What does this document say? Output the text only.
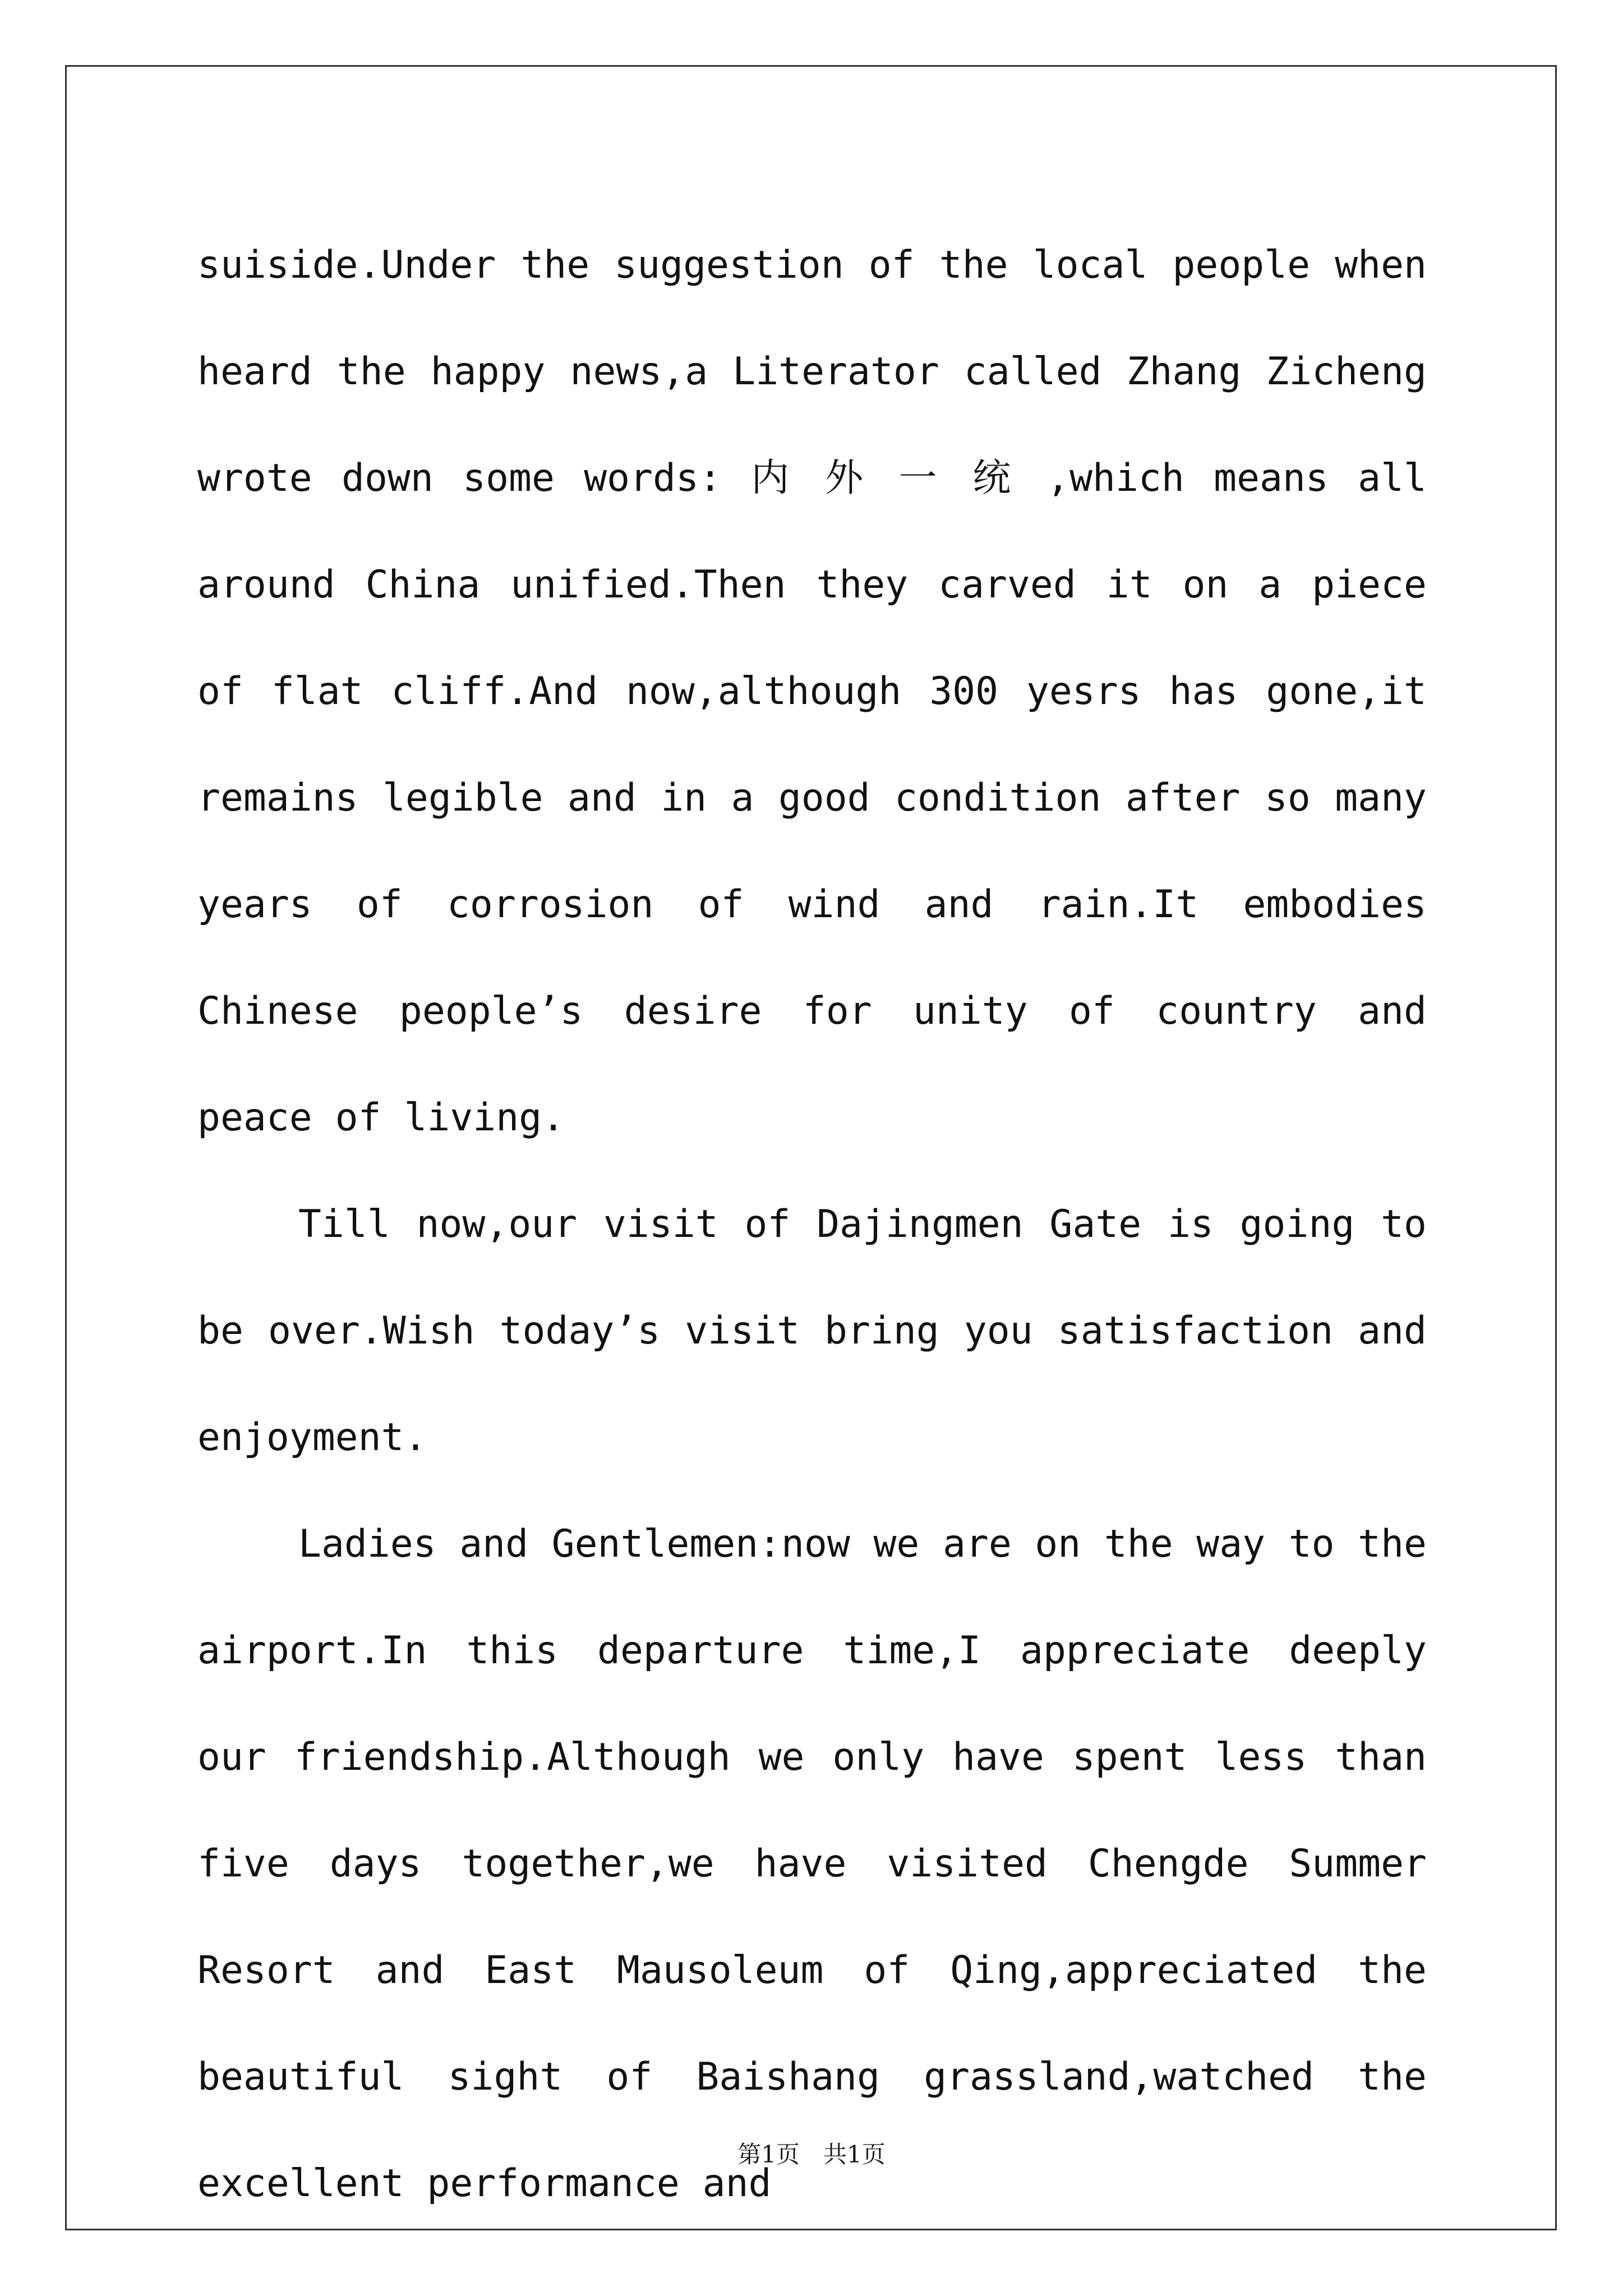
suiside.Under the suggestion of the local people when heard the happy news,a Literator called Zhang Zicheng wrote down some words: 内 外 一 统 ,which means all around China unified.Then they carved it on a piece of flat cliff.And now,although 300 yesrs has gone,it remains legible and in a good condition after so many years of corrosion of wind and rain.It embodies Chinese people’s desire for unity of country and peace of living.

Till now,our visit of Dajingmen Gate is going to be over.Wish today’s visit bring you satisfaction and enjoyment.

Ladies and Gentlemen:now we are on the way to the airport.In this departure time,I appreciate deeply our friendship.Although we only have spent less than five days together,we have visited Chengde Summer Resort and East Mausoleum of Qing,appreciated the beautiful sight of Baishang grassland,watched the excellent performance and

第1页　共1页
